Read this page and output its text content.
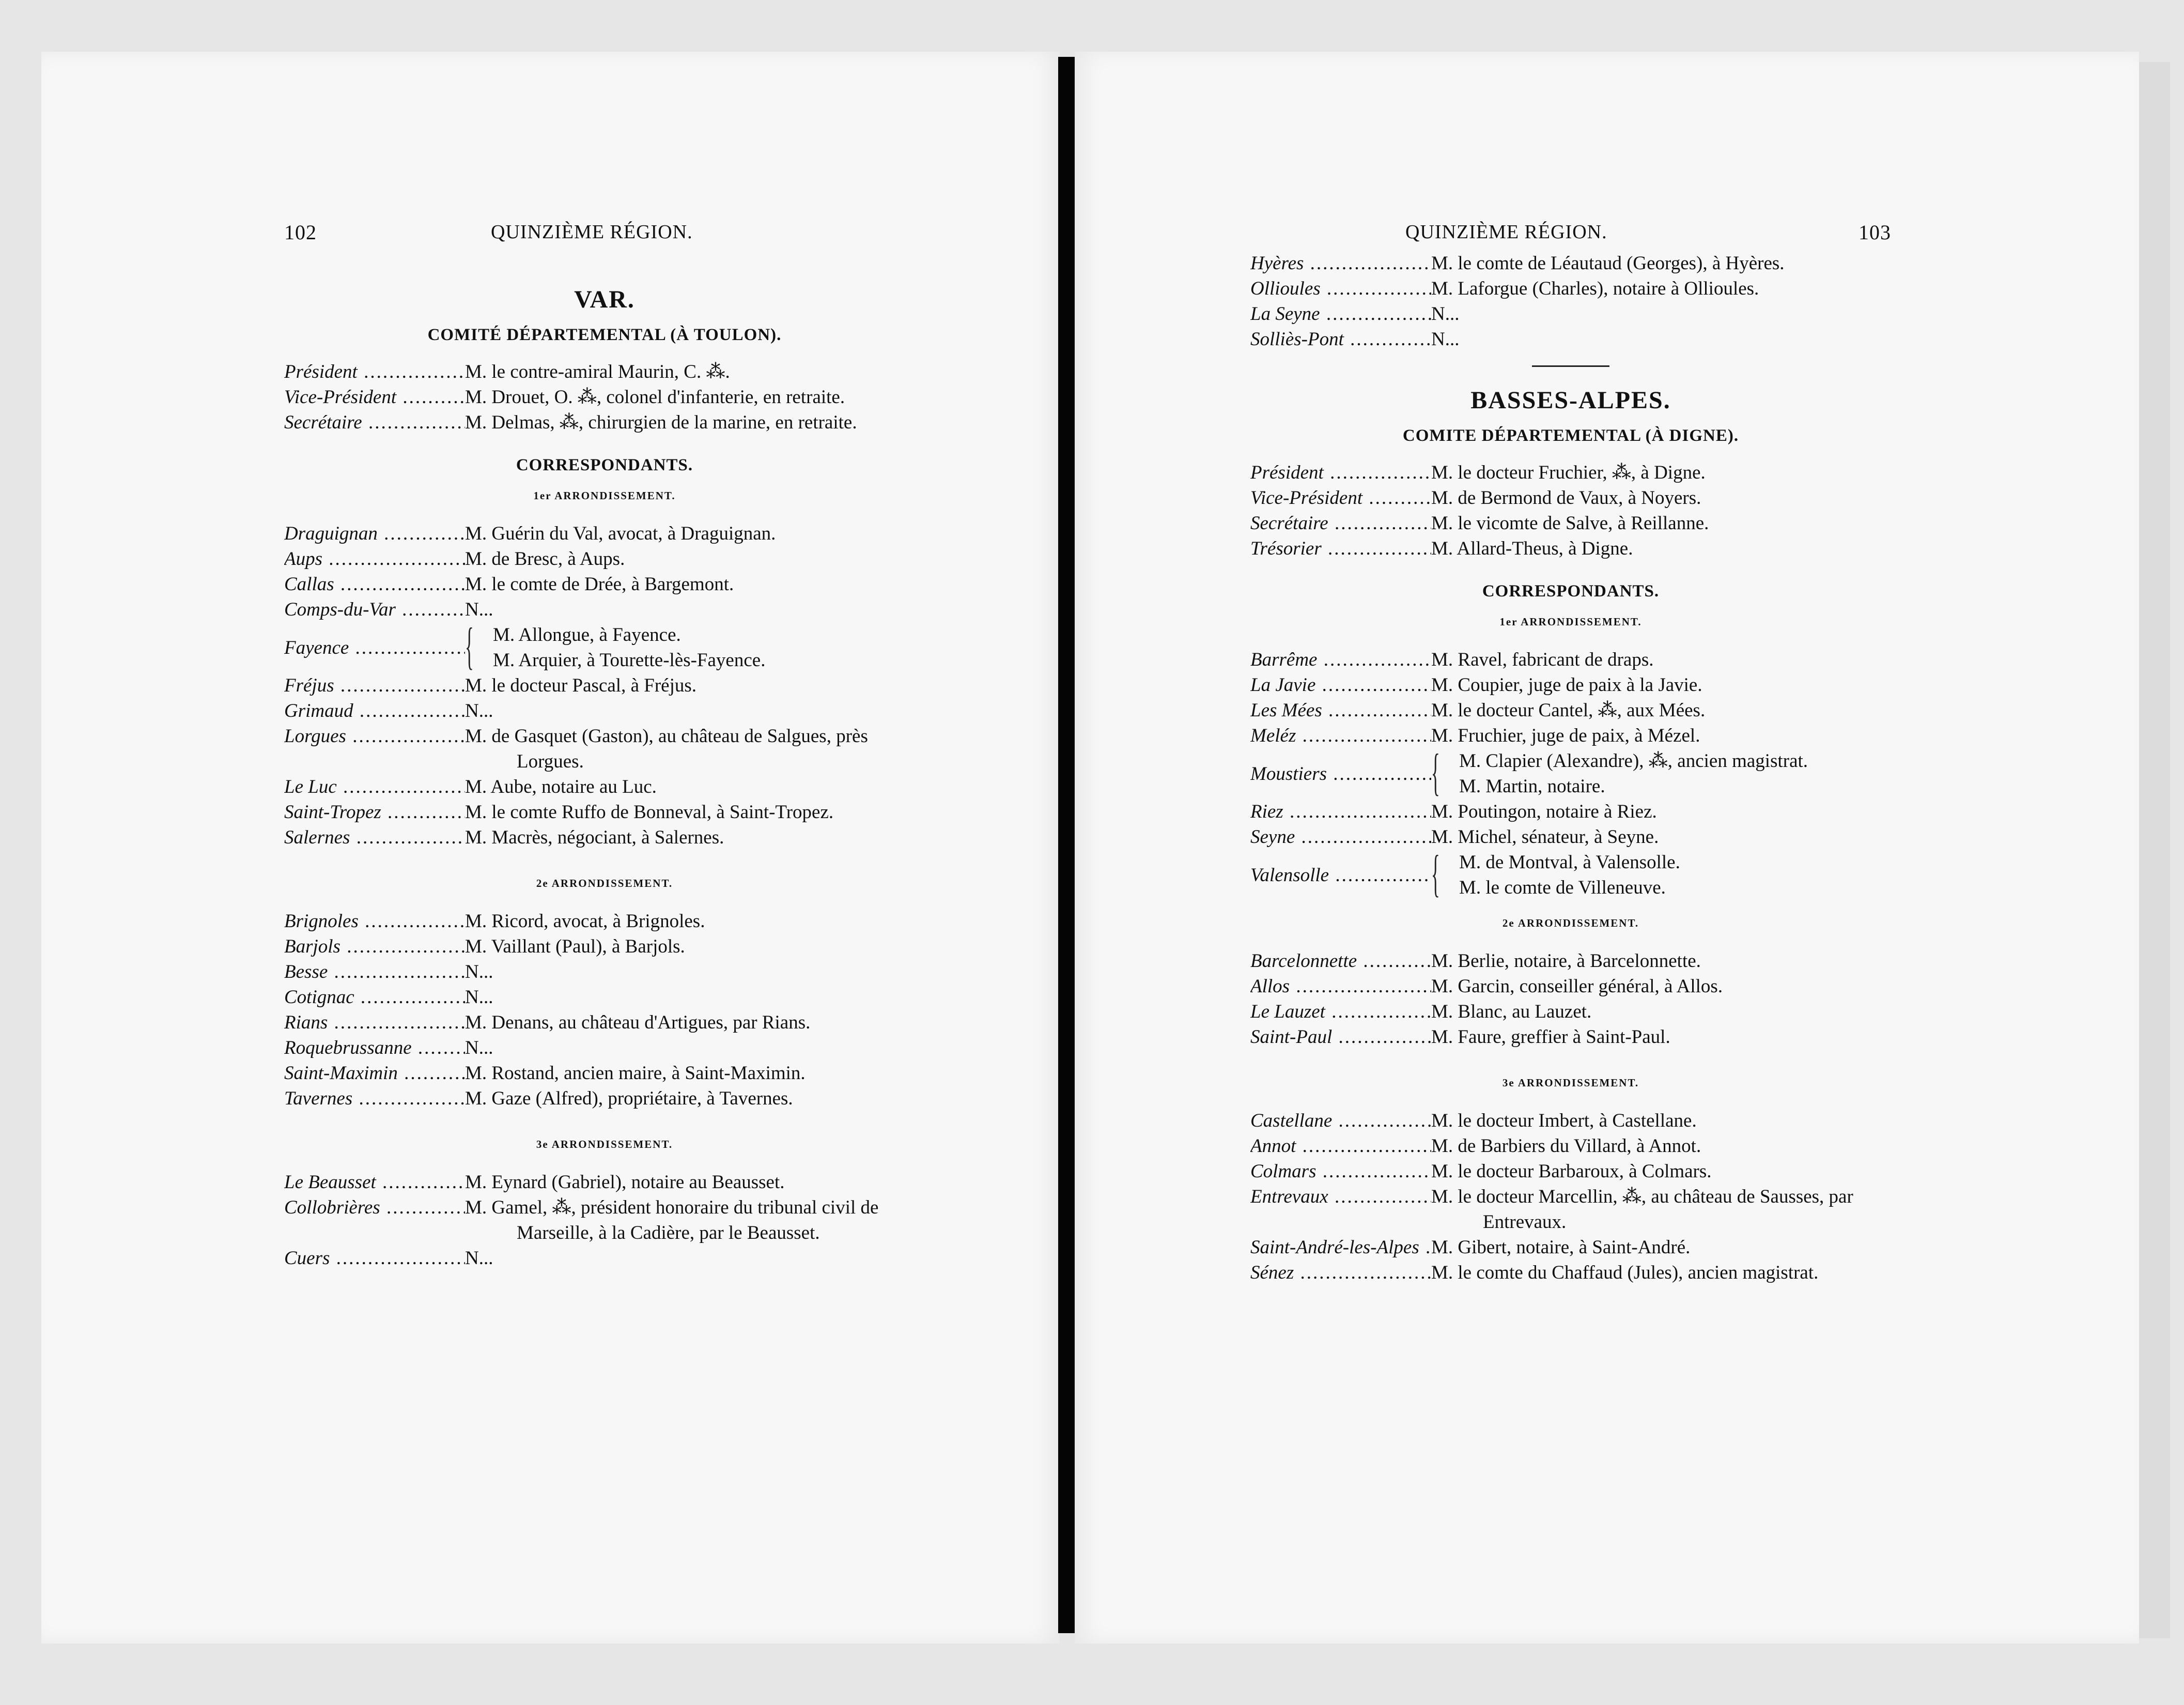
102	QUINZIÈME RÉGION.
VAR.
COMITÉ DÉPARTEMENTAL (À TOULON).
Président .....	M. le contre-amiral Maurin, C. ⁂.
Vice-Président .....	M. Drouet, O. ⁂, colonel d'infanterie, en retraite.
Secrétaire .....	M. Delmas, ⁂, chirurgien de la marine, en retraite.
CORRESPONDANTS.
1er ARRONDISSEMENT.
Draguignan .....	M. Guérin du Val, avocat, à Draguignan.
Aups .....	M. de Bresc, à Aups.
Callas .....	M. le comte de Drée, à Bargemont.
Comps-du-Var .....	N...
Fayence .....	{ M. Allongue, à Fayence.
M. Arquier, à Tourette-lès-Fayence.
Fréjus .....	M. le docteur Pascal, à Fréjus.
Grimaud .....	N...
Lorgues .....	M. de Gasquet (Gaston), au château de Salgues, près
Lorgues.
Le Luc .....	M. Aube, notaire au Luc.
Saint-Tropez .....	M. le comte Ruffo de Bonneval, à Saint-Tropez.
Salernes .....	M. Macrès, négociant, à Salernes.
2e ARRONDISSEMENT.
Brignoles .....	M. Ricord, avocat, à Brignoles.
Barjols .....	M. Vaillant (Paul), à Barjols.
Besse .....	N...
Cotignac .....	N...
Rians .....	M. Denans, au château d'Artigues, par Rians.
Roquebrussanne .....	N...
Saint-Maximin .....	M. Rostand, ancien maire, à Saint-Maximin.
Tavernes .....	M. Gaze (Alfred), propriétaire, à Tavernes.
3e ARRONDISSEMENT.
Le Beausset .....	M. Eynard (Gabriel), notaire au Beausset.
Collobrières .....	M. Gamel, ⁂, président honoraire du tribunal civil de
Marseille, à la Cadière, par le Beausset.
Cuers .....	N...
QUINZIÈME RÉGION.	103
Hyères .....	M. le comte de Léautaud (Georges), à Hyères.
Ollioules .....	M. Laforgue (Charles), notaire à Ollioules.
La Seyne .....	N...
Solliès-Pont .....	N...
BASSES-ALPES.
COMITE DÉPARTEMENTAL (À DIGNE).
Président .....	M. le docteur Fruchier, ⁂, à Digne.
Vice-Président .....	M. de Bermond de Vaux, à Noyers.
Secrétaire .....	M. le vicomte de Salve, à Reillanne.
Trésorier .....	M. Allard-Theus, à Digne.
CORRESPONDANTS.
1er ARRONDISSEMENT.
Barrême .....	M. Ravel, fabricant de draps.
La Javie .....	M. Coupier, juge de paix à la Javie.
Les Mées .....	M. le docteur Cantel, ⁂, aux Mées.
Meléz .....	M. Fruchier, juge de paix, à Mézel.
Moustiers .....	{ M. Clapier (Alexandre), ⁂, ancien magistrat.
M. Martin, notaire.
Riez .....	M. Poutingon, notaire à Riez.
Seyne .....	M. Michel, sénateur, à Seyne.
Valensolle .....	{ M. de Montval, à Valensolle.
M. le comte de Villeneuve.
2e ARRONDISSEMENT.
Barcelonnette .....	M. Berlie, notaire, à Barcelonnette.
Allos .....	M. Garcin, conseiller général, à Allos.
Le Lauzet .....	M. Blanc, au Lauzet.
Saint-Paul .....	M. Faure, greffier à Saint-Paul.
3e ARRONDISSEMENT.
Castellane .....	M. le docteur Imbert, à Castellane.
Annot .....	M. de Barbiers du Villard, à Annot.
Colmars .....	M. le docteur Barbaroux, à Colmars.
Entrevaux .....	M. le docteur Marcellin, ⁂, au château de Sausses, par
Entrevaux.
Saint-André-les-Alpes ..... M. Gibert, notaire, à Saint-André.
Sénez .....	M. le comte du Chaffaud (Jules), ancien magistrat.
